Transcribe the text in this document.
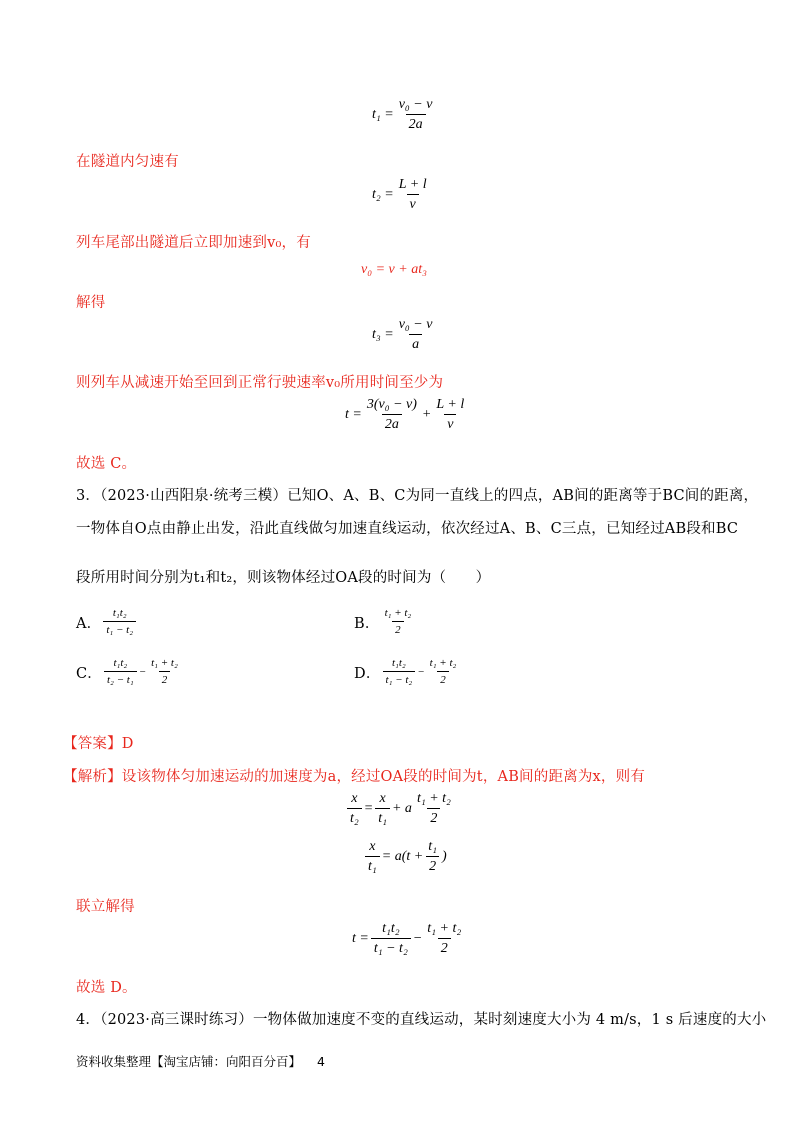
$t_1 = \frac{\text{v₀ − v}}{2a}$
在隧道内匀速有
$t_2 = \frac{L + l}{v}$
列车尾部出隧道后立即加速到v₀，有
v₀ = v + at₃
解得
$t_3 = \frac{\text{v₀ − v}}{a}$
则列车从减速开始至回到正常行驶速率v₀所用时间至少为
$t = \frac{\text{3(v₀ − v)}}{2a} + \frac{L + l}{v}$
故选 C。
3．（2023·山西阳泉·统考三模）已知O、A、B、C为同一直线上的四点，AB间的距离等于BC间的距离，
一物体自O点由静止出发，沿此直线做匀加速直线运动，依次经过A、B、C三点，已知经过AB段和BC
段所用时间分别为t₁和t₂，则该物体经过OA段的时间为（　　）
A． $\frac{\text{t₁t₂}}{\text{t₁ − t₂}}$	B． $\frac{\text{t₁ + t₂}}{2}$
C． $\frac{\text{t₁t₂}}{\text{t₂ − t₁}} - \frac{\text{t₁ + t₂}}{2}$	D． $\frac{\text{t₁t₂}}{\text{t₁ − t₂}} - \frac{\text{t₁ + t₂}}{2}$
【答案】D
【解析】设该物体匀加速运动的加速度为a，经过OA段的时间为t，AB间的距离为x，则有
$\frac{x}{\text{t₂}} = \frac{x}{\text{t₁}} + a \frac{\text{t₁ + t₂}}{2}$
$\frac{x}{\text{t₁}} = a(t + \frac{\text{t₁}}{2}$ )
联立解得
$t = \frac{\text{t₁t₂}}{\text{t₁ − t₂}} - \frac{\text{t₁ + t₂}}{2}$
故选 D。
4．（2023·高三课时练习）一物体做加速度不变的直线运动，某时刻速度大小为 4 m/s，1 s 后速度的大小
资料收集整理【淘宝店铺：向阳百分百】 4
